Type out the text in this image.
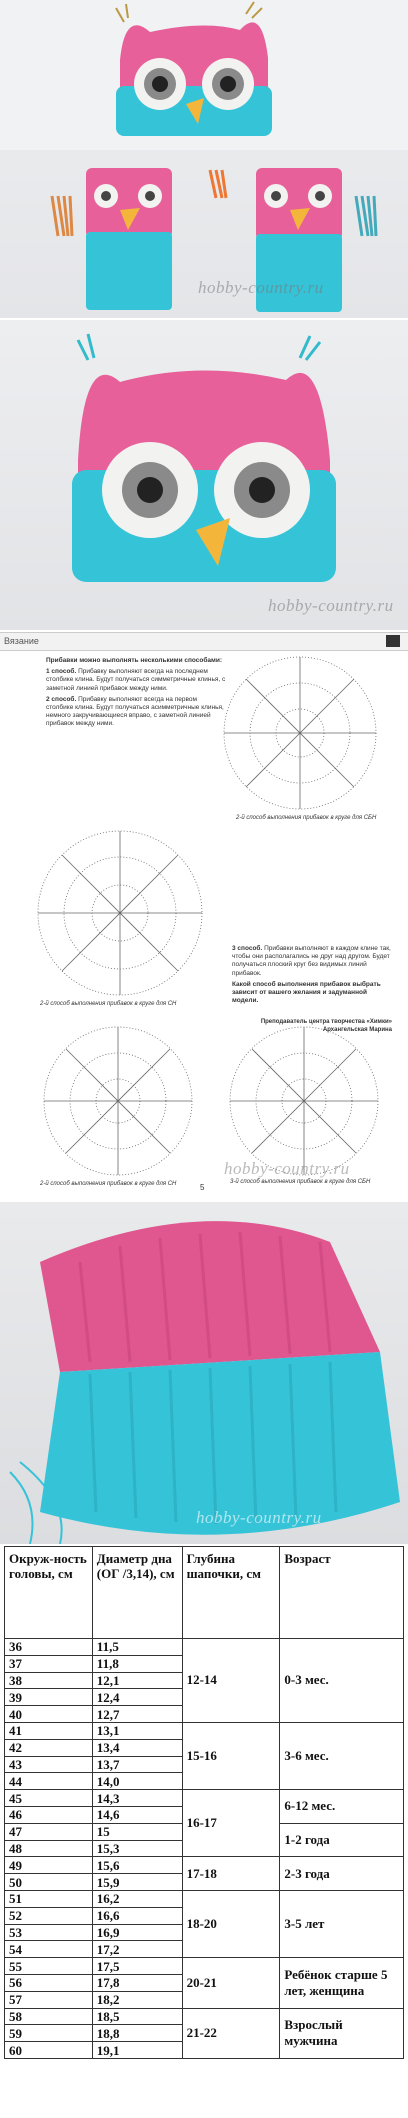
hobby-country.ru
hobby-country.ru
Вязание

Прибавки можно выполнять несколькими способами:

1 способ. Прибавку выполняют всегда на последнем столбике клина. Будут получаться симметричные клинья, с заметной линией прибавок между ними.

2 способ. Прибавку выполняют всегда на первом столбике клина. Будут получаться асимметричные клинья, немного закручивающиеся вправо, с заметной линией прибавок между ними.

2-й способ выполнения прибавок в круге для СБН
2-й способ выполнения прибавок в круге для СН
2-й способ выполнения прибавок в круге для СН	3-й способ выполнения прибавок в круге для СБН

3 способ. Прибавки выполняют в каждом клине так, чтобы они располагались не друг над другом. Будет получаться плоский круг без видимых линий прибавок.

Какой способ выполнения прибавок выбрать зависит от вашего желания и задуманной модели.

Преподаватель центра творчества «Химки» Архангельская Марина
hobby-country.ru
5
hobby-country.ru
Окруж-ность головы, см	Диаметр дна (ОГ /3,14), см	Глубина шапочки, см	Возраст
36	11,5	12-14	0-3 мес.
37	11,8		
38	12,1		
39	12,4		
40	12,7		
41	13,1	15-16	3-6 мес.
42	13,4		
43	13,7		
44	14,0		
45	14,3	16-17	6-12 мес.
46	14,6		
47	15		1-2 года
48	15,3		
49	15,6	17-18	2-3 года
50	15,9		
51	16,2	18-20	3-5 лет
52	16,6		
53	16,9		
54	17,2		
55	17,5	20-21	Ребёнок старше 5 лет, женщина
56	17,8		
57	18,2		
58	18,5	21-22	Взрослый мужчина
59	18,8		
60	19,1		
